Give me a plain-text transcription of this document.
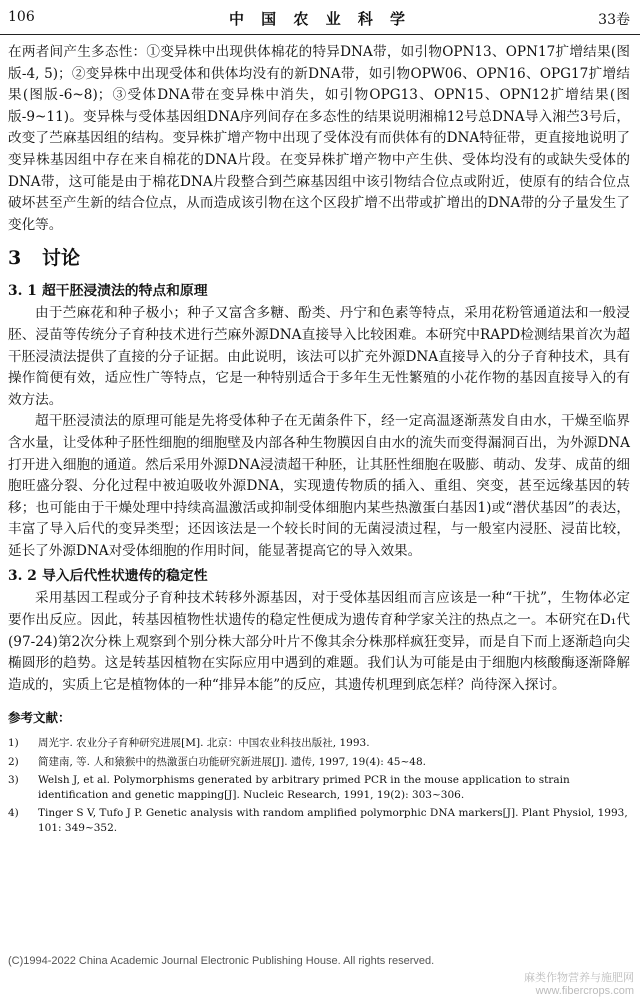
106	中 国 农 业 科 学	33卷

在两者间产生多态性：①变异株中出现供体棉花的特异DNA带，如引物OPN13、OPN17扩增结果(图版-4, 5)；②变异株中出现受体和供体均没有的新DNA带，如引物OPW06、OPN16、OPG17扩增结果(图版-6~8)；③受体DNA带在变异株中消失，如引物OPG13、OPN15、OPN12扩增结果(图版-9~11)。变异株与受体基因组DNA序列间存在多态性的结果说明湘棉12号总DNA导入湘苎3号后，改变了苎麻基因组的结构。变异株扩增产物中出现了受体没有而供体有的DNA特征带，更直接地说明了变异株基因组中存在来自棉花的DNA片段。在变异株扩增产物中产生供、受体均没有的或缺失受体的DNA带，这可能是由于棉花DNA片段整合到苎麻基因组中该引物结合位点或附近，使原有的结合位点破坏甚至产生新的结合位点，从而造成该引物在这个区段扩增不出带或扩增出的DNA带的分子量发生了变化等。

3 讨论
3. 1 超干胚浸渍法的特点和原理

由于苎麻花和种子极小；种子又富含多糖、酚类、丹宁和色素等特点，采用花粉管通道法和一般浸胚、浸苗等传统分子育种技术进行苎麻外源DNA直接导入比较困难。本研究中RAPD检测结果首次为超干胚浸渍法提供了直接的分子证据。由此说明，该法可以扩充外源DNA直接导入的分子育种技术，具有操作简便有效，适应性广等特点，它是一种特别适合于多年生无性繁殖的小花作物的基因直接导入的有效方法。

超干胚浸渍法的原理可能是先将受体种子在无菌条件下，经一定高温逐渐蒸发自由水，干燥至临界含水量，让受体种子胚性细胞的细胞壁及内部各种生物膜因自由水的流失而变得漏洞百出，为外源DNA打开进入细胞的通道。然后采用外源DNA浸渍超干种胚，让其胚性细胞在吸膨、萌动、发芽、成苗的细胞旺盛分裂、分化过程中被迫吸收外源DNA，实现遗传物质的插入、重组、突变，甚至远缘基因的转移；也可能由于干燥处理中持续高温激活或抑制受体细胞内某些热激蛋白基因1)或“潜伏基因”的表达，丰富了导入后代的变异类型；还因该法是一个较长时间的无菌浸渍过程，与一般室内浸胚、浸苗比较，延长了外源DNA对受体细胞的作用时间，能显著提高它的导入效果。

3. 2 导入后代性状遗传的稳定性

采用基因工程或分子育种技术转移外源基因，对于受体基因组而言应该是一种“干扰”，生物体必定要作出反应。因此，转基因植物性状遗传的稳定性便成为遗传育种学家关注的热点之一。本研究在D₁代(97-24)第2次分株上观察到个别分株大部分叶片不像其余分株那样疯狂变异，而是自下而上逐渐趋向尖椭圆形的趋势。这是转基因植物在实际应用中遇到的难题。我们认为可能是由于细胞内核酸酶逐渐降解造成的，实质上它是植物体的一种“排异本能”的反应，其遗传机理到底怎样？尚待深入探讨。

参考文献：
1)	周光宇. 农业分子育种研究进展[M]. 北京：中国农业科技出版社, 1993.
2)	简建南, 等. 人和猿猴中的热激蛋白功能研究新进展[J]. 遗传, 1997, 19(4): 45~48.
3)	Welsh J, et al. Polymorphisms generated by arbitrary primed PCR in the mouse application to strain identification and genetic mapping[J]. Nucleic Research, 1991, 19(2): 303~306.
4)	Tinger S V, Tufo J P. Genetic analysis with random amplified polymorphic DNA markers[J]. Plant Physiol, 1993, 101: 349~352.
(C)1994-2022 China Academic Journal Electronic Publishing House. All rights reserved.
麻类作物营养与施肥网
www.fibercrops.com
